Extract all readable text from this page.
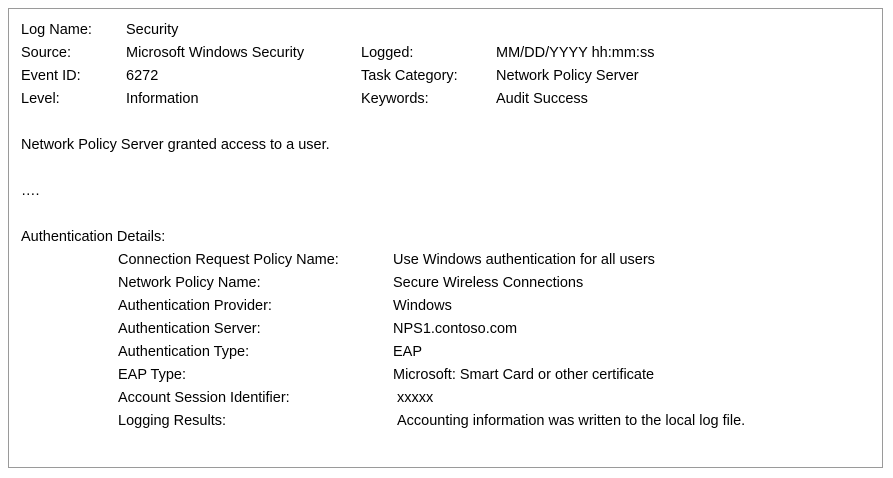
Log Name:	Security		
Source:	Microsoft Windows Security	Logged:	MM/DD/YYYY hh:mm:ss
Event ID:	6272	Task Category:	Network Policy Server
Level:	Information	Keywords:	Audit Success
Network Policy Server granted access to a user.
….
Authentication Details:
Connection Request Policy Name:	Use Windows authentication for all users
Network Policy Name:	Secure Wireless Connections
Authentication Provider:	Windows
Authentication Server:	NPS1.contoso.com
Authentication Type:	EAP
EAP Type:	Microsoft: Smart Card or other certificate
Account Session Identifier:	xxxxx
Logging Results:	Accounting information was written to the local log file.
